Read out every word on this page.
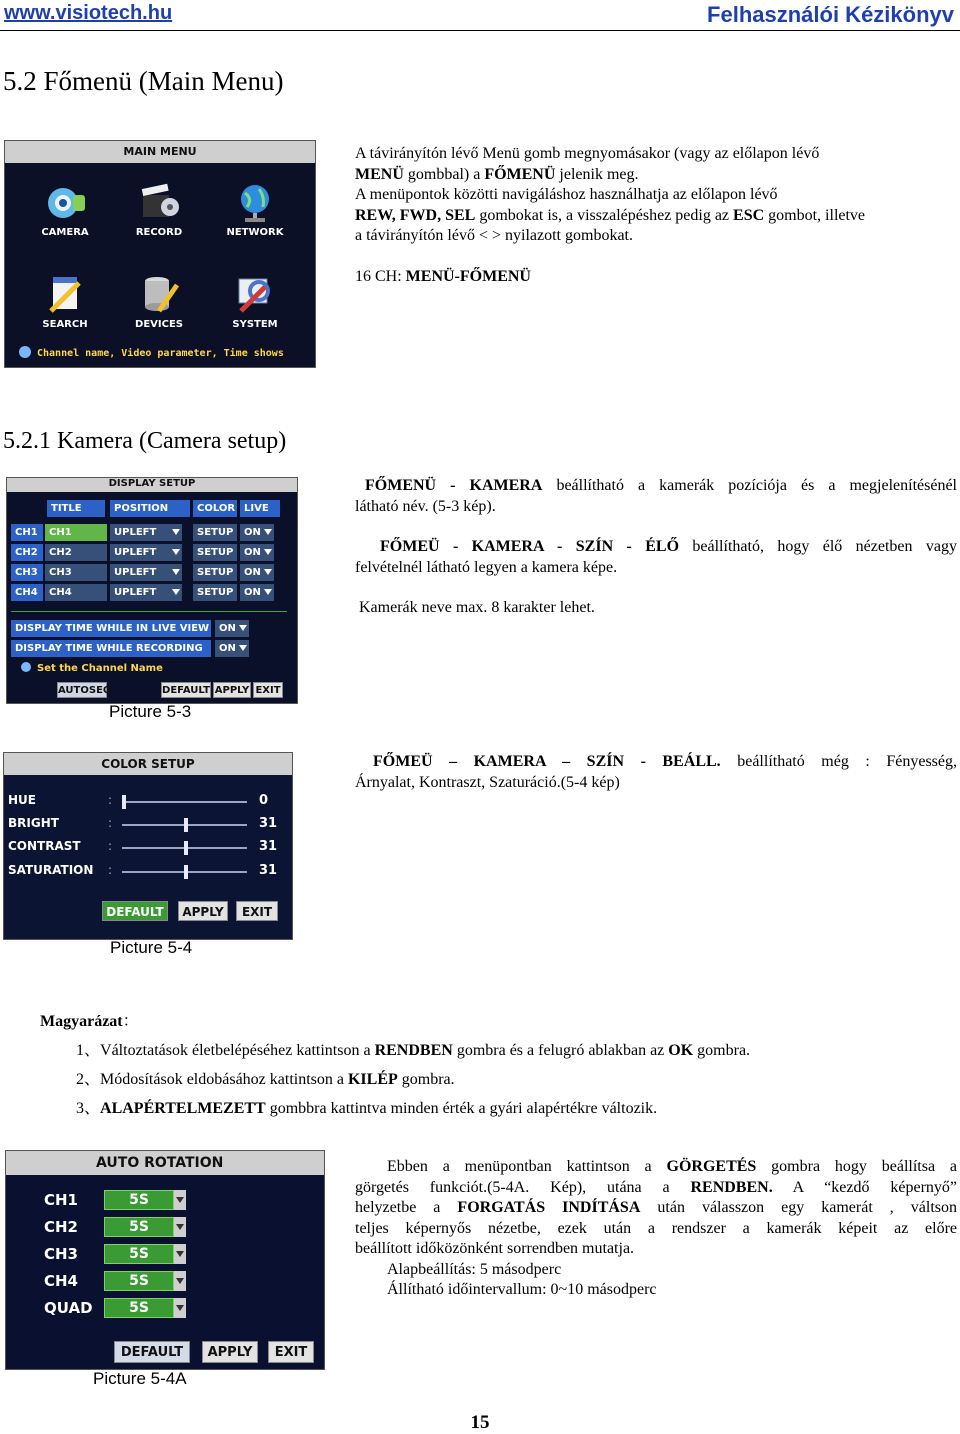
www.visiotech.hu	Felhasználói Kézikönyv
5.2 Főmenü (Main Menu)
MAIN MENU
CAMERA	RECORD	NETWORK
SEARCH	DEVICES	SYSTEM
Channel name, Video parameter, Time shows
A távirányítón lévő Menü gomb megnyomásakor (vagy az előlapon lévő
MENÜ gombbal) a FŐMENÜ jelenik meg.
A menüpontok közötti navigáláshoz használhatja az előlapon lévő
REW, FWD, SEL gombokat is, a visszalépéshez pedig az ESC gombot, illetve
a távirányítón lévő < > nyilazott gombokat.
16 CH: MENÜ-FŐMENÜ
5.2.1 Kamera (Camera setup)
DISPLAY SETUP
TITLE	POSITION	COLOR LIVE
CH1	CH1	UPLEFT	SETUP	ON
CH2	CH2	UPLEFT	SETUP	ON
CH3	CH3	UPLEFT	SETUP	ON
CH4	CH4	UPLEFT	SETUP	ON
DISPLAY TIME WHILE IN LIVE VIEW ON
DISPLAY TIME WHILE RECORDING	ON
Set the Channel Name
AUTOSEQ	DEFAULT APPLY EXIT
Picture 5-3
FŐMENÜ - KAMERA beállítható a kamerák pozíciója és a megjelenítésénél
látható név. (5-3 kép).
FŐMEÜ - KAMERA - SZÍN - ÉLŐ beállítható, hogy élő nézetben vagy
felvételnél látható legyen a kamera képe.
Kamerák neve max. 8 karakter lehet.
COLOR SETUP
HUE	:	0
BRIGHT	:	31
CONTRAST :	31
SATURATION :	31
DEFAULT	APPLY	EXIT
Picture 5-4
FŐMEÜ – KAMERA – SZÍN - BEÁLL. beállítható még : Fényesség,
Árnyalat, Kontraszt, Szaturáció.(5-4 kép)
Magyarázat：
1、Változtatások életbelépéséhez kattintson a RENDBEN gombra és a felugró ablakban az OK gombra.
2、Módosítások eldobásához kattintson a KILÉP gombra.
3、ALAPÉRTELMEZETT gombbra kattintva minden érték a gyári alapértékre változik.
AUTO ROTATION
CH1	5S
CH2	5S
CH3	5S
CH4	5S
QUAD	5S
DEFAULT	APPLY	EXIT
Picture 5-4A
Ebben a menüpontban kattintson a GÖRGETÉS gombra hogy beállítsa a
görgetés funkciót.(5-4A. Kép), utána a RENDBEN. A “kezdő képernyő”
helyzetbe a FORGATÁS INDÍTÁSA után válasszon egy kamerát , váltson
teljes képernyős nézetbe, ezek után a rendszer a kamerák képeit az előre
beállított időközönként sorrendben mutatja.
Alapbeállítás: 5 másodperc
Állítható időintervallum: 0~10 másodperc
15
